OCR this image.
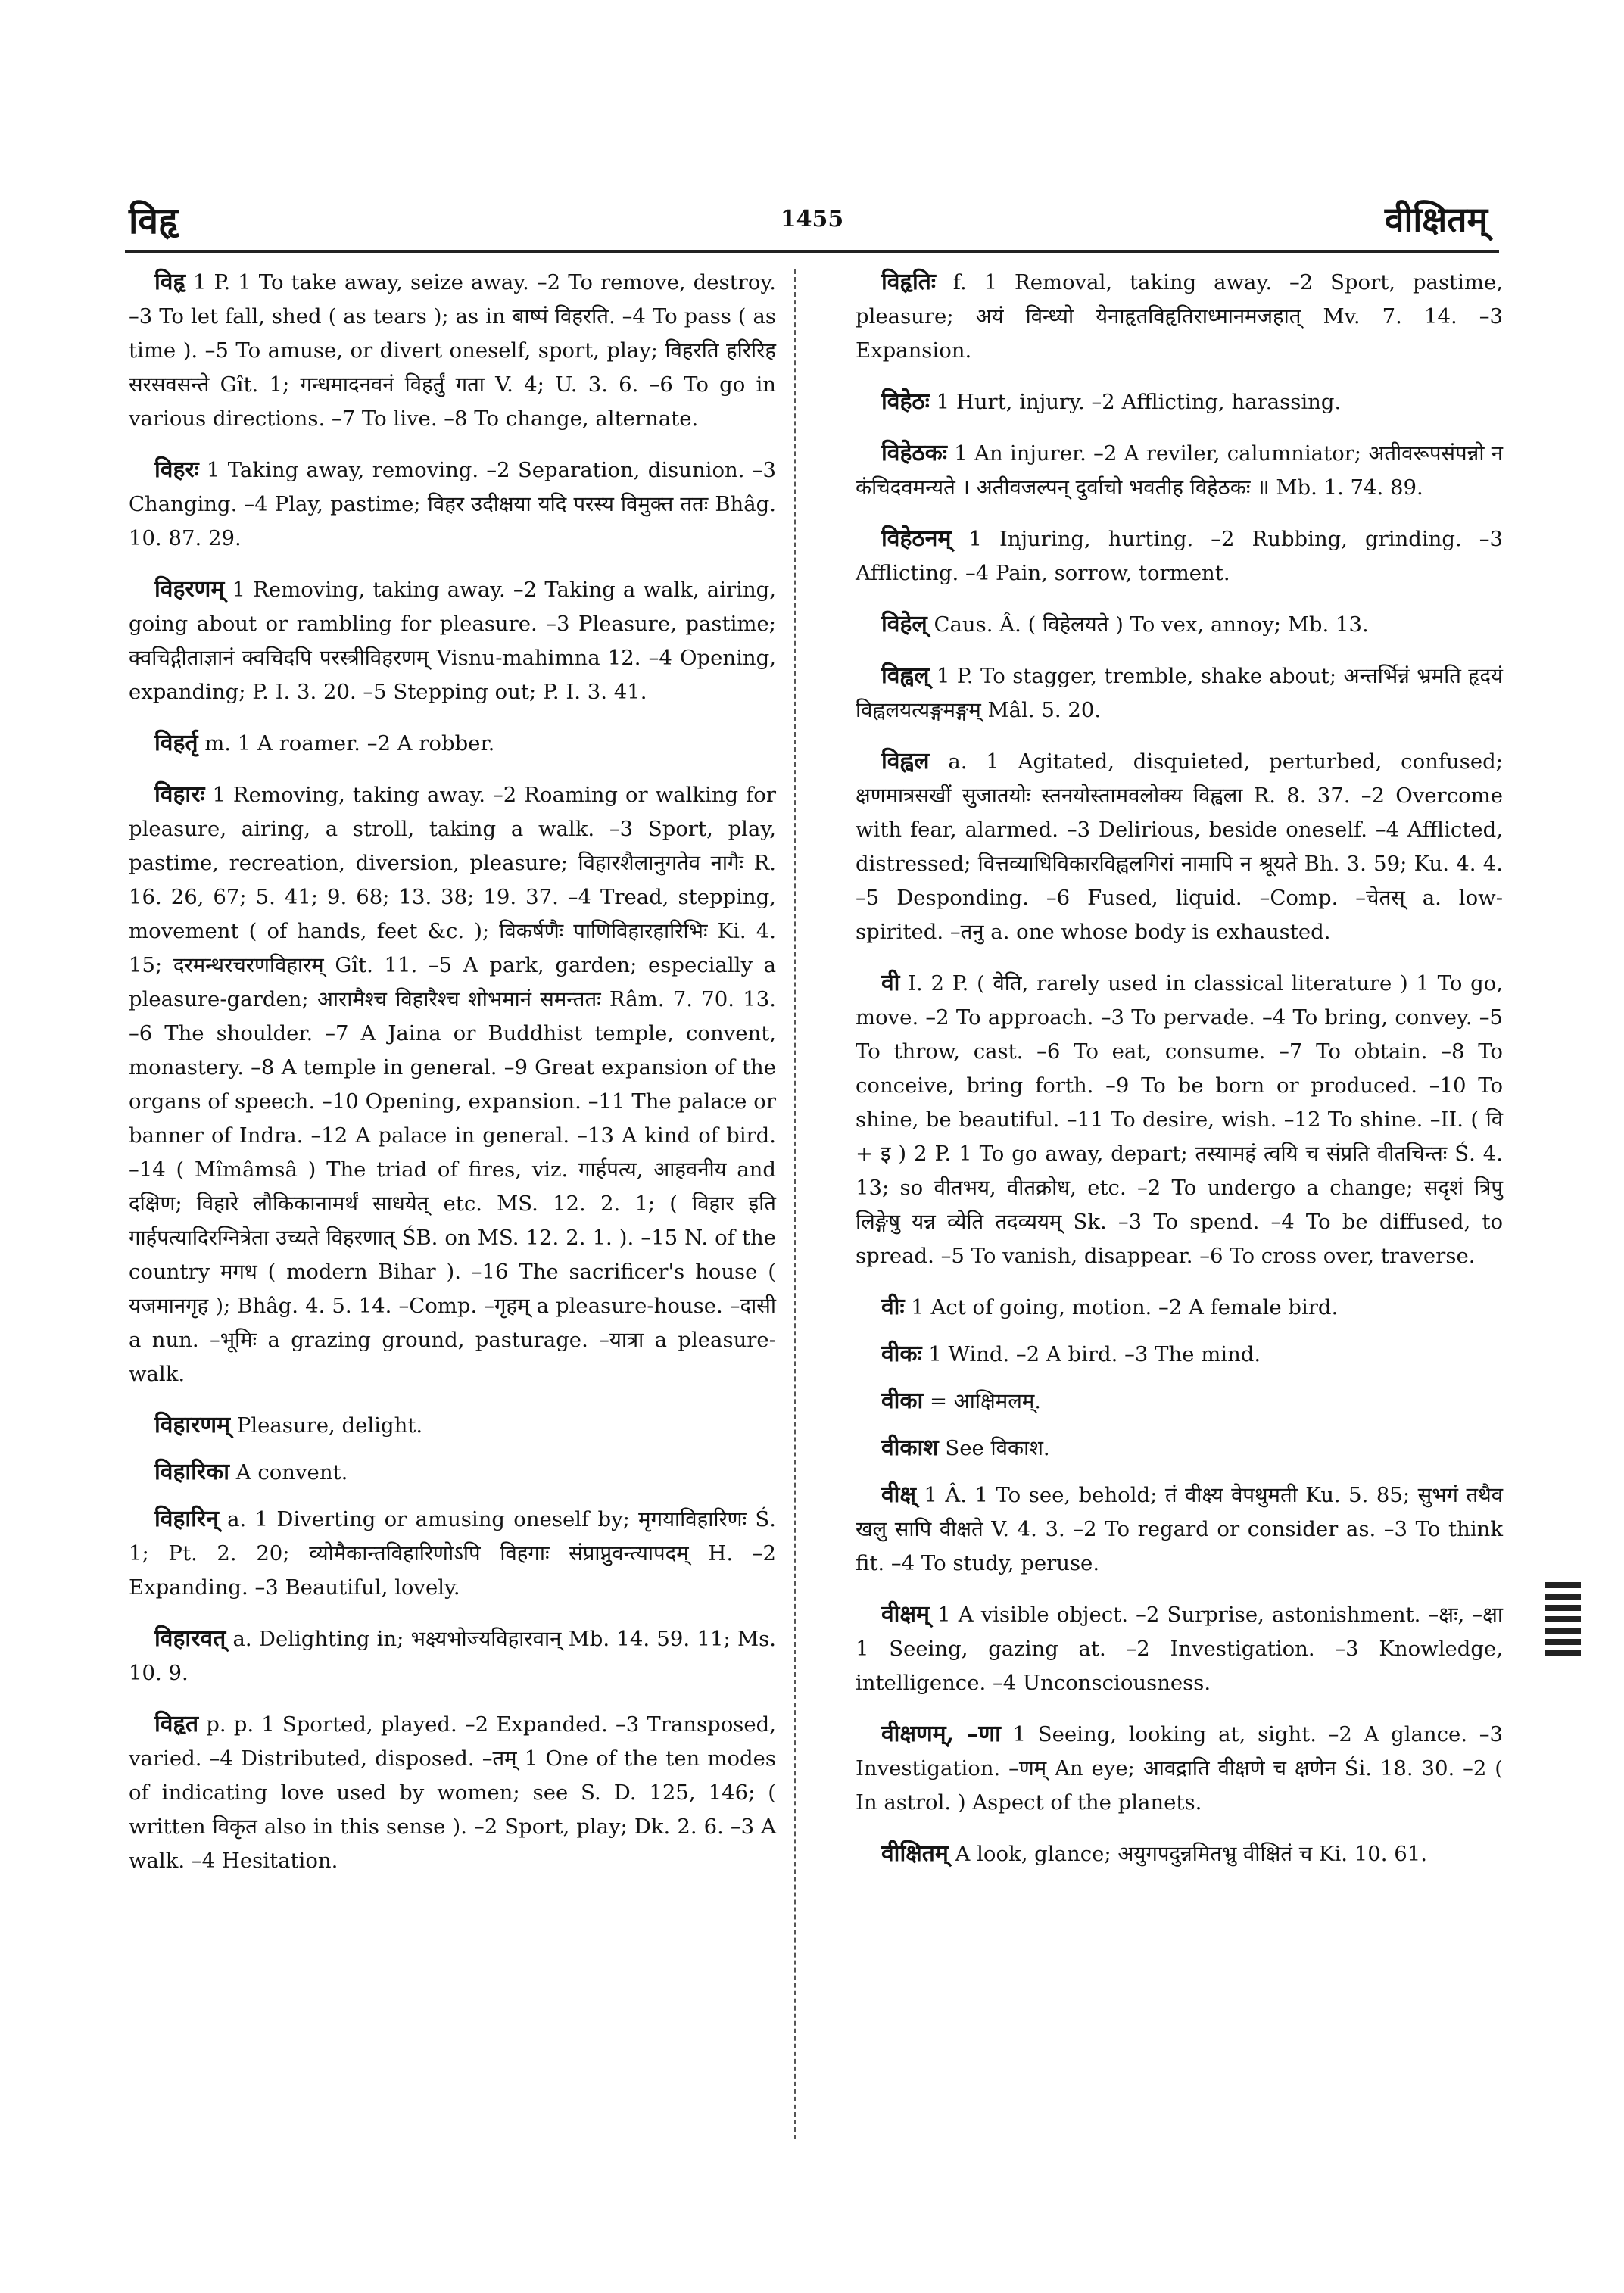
विहृ	1455	वीक्षितम्

विहृ 1 P. 1 To take away, seize away. –2 To remove, destroy. –3 To let fall, shed ( as tears ); as in बाष्पं विहरति. –4 To pass ( as time ). –5 To amuse, or divert oneself, sport, play; विहरति हरिरिह सरसवसन्ते Gît. 1; गन्धमादनवनं विहर्तुं गता V. 4; U. 3. 6. –6 To go in various directions. –7 To live. –8 To change, alternate.

विहरः 1 Taking away, removing. –2 Separation, disunion. –3 Changing. –4 Play, pastime; विहर उदीक्षया यदि परस्य विमुक्त ततः Bhâg. 10. 87. 29.

विहरणम् 1 Removing, taking away. –2 Taking a walk, airing, going about or rambling for pleasure. –3 Pleasure, pastime; क्वचिद्गीताज्ञानं क्वचिदपि परस्त्रीविहरणम् Visnu-mahimna 12. –4 Opening, expanding; P. I. 3. 20. –5 Stepping out; P. I. 3. 41.

विहर्तृ m. 1 A roamer. –2 A robber.

विहारः 1 Removing, taking away. –2 Roaming or walking for pleasure, airing, a stroll, taking a walk. –3 Sport, play, pastime, recreation, diversion, pleasure; विहारशैलानुगतेव नागैः R. 16. 26, 67; 5. 41; 9. 68; 13. 38; 19. 37. –4 Tread, stepping, movement ( of hands, feet &c. ); विकर्षणैः पाणिविहारहारिभिः Ki. 4. 15; दरमन्थरचरणविहारम् Gît. 11. –5 A park, garden; especially a pleasure-garden; आरामैश्च विहारैश्च शोभमानं समन्ततः Râm. 7. 70. 13. –6 The shoulder. –7 A Jaina or Buddhist temple, convent, monastery. –8 A temple in general. –9 Great expansion of the organs of speech. –10 Opening, expansion. –11 The palace or banner of Indra. –12 A palace in general. –13 A kind of bird. –14 ( Mîmâmsâ ) The triad of fires, viz. गार्हपत्य, आहवनीय and दक्षिण; विहारे लौकिकानामर्थं साधयेत् etc. MS. 12. 2. 1; ( विहार इति गार्हपत्यादिरग्नित्रेता उच्यते विहरणात् ŚB. on MS. 12. 2. 1. ). –15 N. of the country मगध ( modern Bihar ). –16 The sacrificer's house ( यजमानगृह ); Bhâg. 4. 5. 14. –Comp. –गृहम् a pleasure-house. –दासी a nun. –भूमिः a grazing ground, pasturage. –यात्रा a pleasure-walk.

विहारणम् Pleasure, delight.

विहारिका A convent.

विहारिन् a. 1 Diverting or amusing oneself by; मृगयाविहारिणः Ś. 1; Pt. 2. 20; व्योमैकान्तविहारिणोऽपि विहगाः संप्राप्नुवन्त्यापदम् H. –2 Expanding. –3 Beautiful, lovely.

विहारवत् a. Delighting in; भक्ष्यभोज्यविहारवान् Mb. 14. 59. 11; Ms. 10. 9.

विहृत p. p. 1 Sported, played. –2 Expanded. –3 Transposed, varied. –4 Distributed, disposed. –तम् 1 One of the ten modes of indicating love used by women; see S. D. 125, 146; ( written विकृत also in this sense ). –2 Sport, play; Dk. 2. 6. –3 A walk. –4 Hesitation.

विहृतिः f. 1 Removal, taking away. –2 Sport, pastime, pleasure; अयं विन्ध्यो येनाहृतविहृतिराध्मानमजहात् Mv. 7. 14. –3 Expansion.

विहेठः 1 Hurt, injury. –2 Afflicting, harassing.

विहेठकः 1 An injurer. –2 A reviler, calumniator; अतीवरूपसंपन्नो न कंचिदवमन्यते । अतीवजल्पन् दुर्वाचो भवतीह विहेठकः ॥ Mb. 1. 74. 89.

विहेठनम् 1 Injuring, hurting. –2 Rubbing, grinding. –3 Afflicting. –4 Pain, sorrow, torment.

विहेल् Caus. Â. ( विहेलयते ) To vex, annoy; Mb. 13.

विह्वल् 1 P. To stagger, tremble, shake about; अन्तर्भिन्नं भ्रमति हृदयं विह्वलयत्यङ्गमङ्गम् Mâl. 5. 20.

विह्वल a. 1 Agitated, disquieted, perturbed, confused; क्षणमात्रसखीं सुजातयोः स्तनयोस्तामवलोक्य विह्वला R. 8. 37. –2 Overcome with fear, alarmed. –3 Delirious, beside oneself. –4 Afflicted, distressed; वित्तव्याधिविकारविह्वलगिरां नामापि न श्रूयते Bh. 3. 59; Ku. 4. 4. –5 Desponding. –6 Fused, liquid. –Comp. –चेतस् a. low-spirited. –तनु a. one whose body is exhausted.

वी I. 2 P. ( वेति, rarely used in classical literature ) 1 To go, move. –2 To approach. –3 To pervade. –4 To bring, convey. –5 To throw, cast. –6 To eat, consume. –7 To obtain. –8 To conceive, bring forth. –9 To be born or produced. –10 To shine, be beautiful. –11 To desire, wish. –12 To shine. –II. ( वि + इ ) 2 P. 1 To go away, depart; तस्यामहं त्वयि च संप्रति वीतचिन्तः Ś. 4. 13; so वीतभय, वीतक्रोध, etc. –2 To undergo a change; सदृशं त्रिपु लिङ्गेषु यन्न व्येति तदव्ययम् Sk. –3 To spend. –4 To be diffused, to spread. –5 To vanish, disappear. –6 To cross over, traverse.

वीः 1 Act of going, motion. –2 A female bird.

वीकः 1 Wind. –2 A bird. –3 The mind.

वीका = आक्षिमलम्.

वीकाश See विकाश.

वीक्ष् 1 Â. 1 To see, behold; तं वीक्ष्य वेपथुमती Ku. 5. 85; सुभगं तथैव खलु सापि वीक्षते V. 4. 3. –2 To regard or consider as. –3 To think fit. –4 To study, peruse.

वीक्षम् 1 A visible object. –2 Surprise, astonishment. –क्षः, –क्षा 1 Seeing, gazing at. –2 Investigation. –3 Knowledge, intelligence. –4 Unconsciousness.

वीक्षणम्, –णा 1 Seeing, looking at, sight. –2 A glance. –3 Investigation. –णम् An eye; आवद्राति वीक्षणे च क्षणेन Śi. 18. 30. –2 ( In astrol. ) Aspect of the planets.

वीक्षितम् A look, glance; अयुगपदुन्नमितभ्रु वीक्षितं च Ki. 10. 61.
